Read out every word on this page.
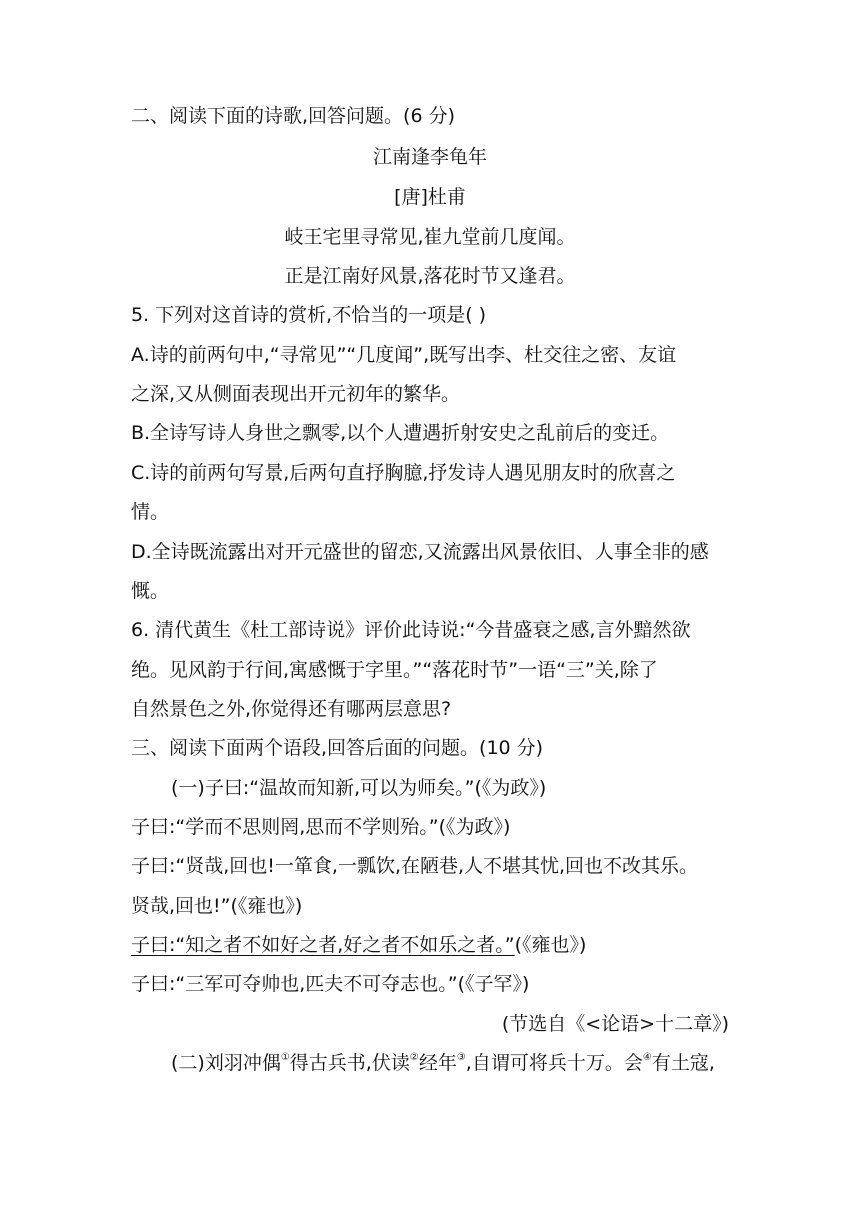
二、阅读下面的诗歌,回答问题。(6 分)
江南逢李龟年
[唐]杜甫
岐王宅里寻常见,崔九堂前几度闻。
正是江南好风景,落花时节又逢君。
5. 下列对这首诗的赏析,不恰当的一项是( )
A.诗的前两句中,“寻常见”“几度闻”,既写出李、杜交往之密、友谊
之深,又从侧面表现出开元初年的繁华。
B.全诗写诗人身世之飘零,以个人遭遇折射安史之乱前后的变迁。
C.诗的前两句写景,后两句直抒胸臆,抒发诗人遇见朋友时的欣喜之
情。
D.全诗既流露出对开元盛世的留恋,又流露出风景依旧、人事全非的感
慨。
6. 清代黄生《杜工部诗说》评价此诗说:“今昔盛衰之感,言外黯然欲
绝。见风韵于行间,寓感慨于字里。”“落花时节”一语“三”关,除了
自然景色之外,你觉得还有哪两层意思?
三、阅读下面两个语段,回答后面的问题。(10 分)
(一)子曰:“温故而知新,可以为师矣。”(《为政》)
子曰:“学而不思则罔,思而不学则殆。”(《为政》)
子曰:“贤哉,回也!一箪食,一瓢饮,在陋巷,人不堪其忧,回也不改其乐。
贤哉,回也!”(《雍也》)
子曰:“知之者不如好之者,好之者不如乐之者。”(《雍也》)
子曰:“三军可夺帅也,匹夫不可夺志也。”(《子罕》)
(节选自《<论语>十二章》)
(二)刘羽冲偶①得古兵书,伏读②经年③,自谓可将兵十万。会④有土寇,
